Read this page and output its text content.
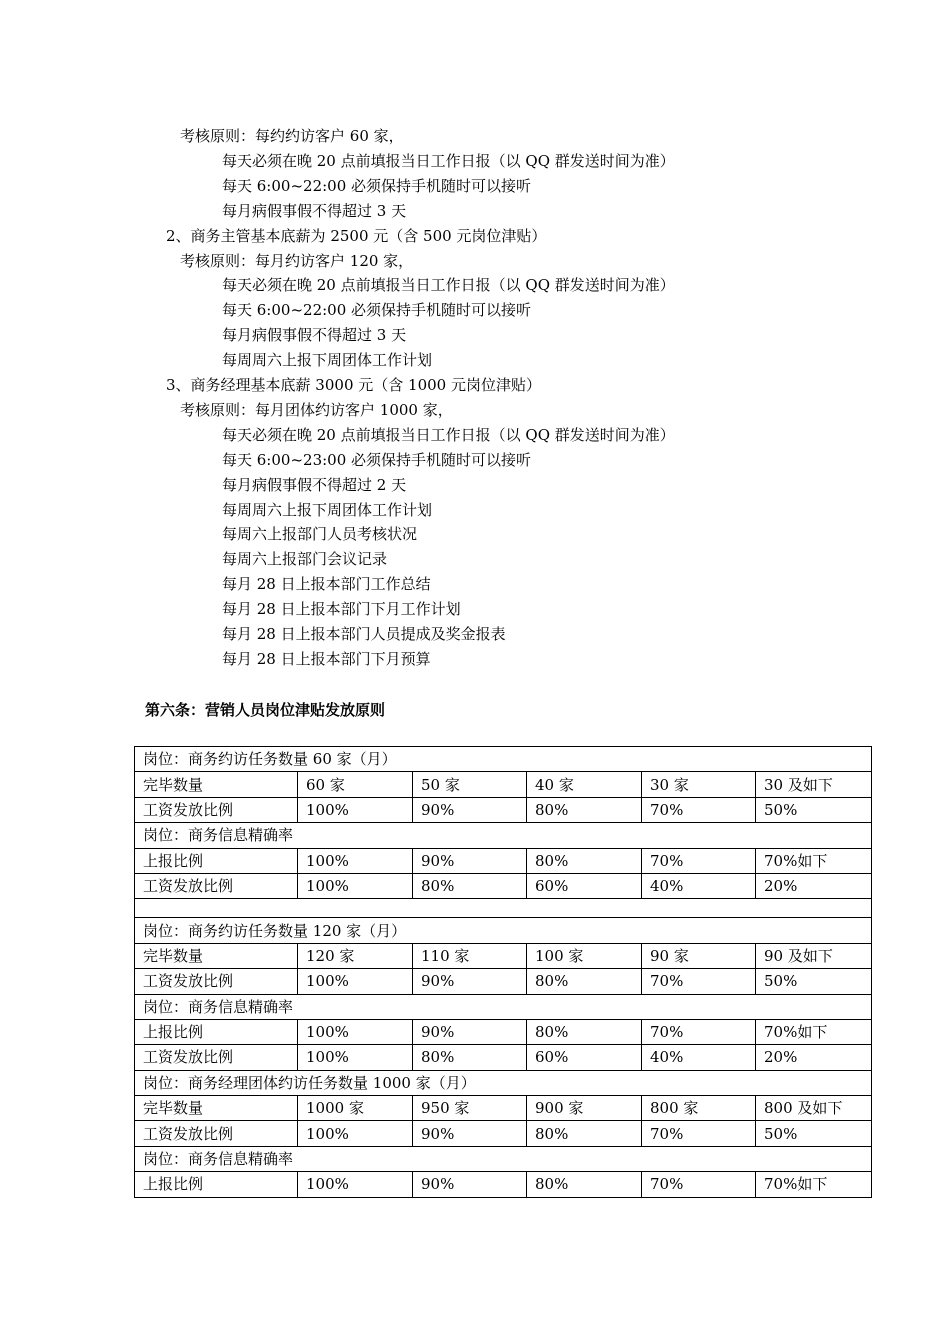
考核原则：每约约访客户 60 家，
每天必须在晚 20 点前填报当日工作日报（以 QQ 群发送时间为准）
每天 6:00~22:00 必须保持手机随时可以接听
每月病假事假不得超过 3 天
2、商务主管基本底薪为 2500 元（含 500 元岗位津贴）
考核原则：每月约访客户 120 家，
每天必须在晚 20 点前填报当日工作日报（以 QQ 群发送时间为准）
每天 6:00~22:00 必须保持手机随时可以接听
每月病假事假不得超过 3 天
每周周六上报下周团体工作计划
3、商务经理基本底薪 3000 元（含 1000 元岗位津贴）
考核原则：每月团体约访客户 1000 家，
每天必须在晚 20 点前填报当日工作日报（以 QQ 群发送时间为准）
每天 6:00~23:00 必须保持手机随时可以接听
每月病假事假不得超过 2 天
每周周六上报下周团体工作计划
每周六上报部门人员考核状况
每周六上报部门会议记录
每月 28 日上报本部门工作总结
每月 28 日上报本部门下月工作计划
每月 28 日上报本部门人员提成及奖金报表
每月 28 日上报本部门下月预算
第六条：营销人员岗位津贴发放原则
岗位：商务约访任务数量 60 家（月）					
完毕数量	60 家	50 家	40 家	30 家	30 及如下
工资发放比例	100%	90%	80%	70%	50%
岗位：商务信息精确率					
上报比例	100%	90%	80%	70%	70%如下
工资发放比例	100%	80%	60%	40%	20%

岗位：商务约访任务数量 120 家（月）					
完毕数量	120 家	110 家	100 家	90 家	90 及如下
工资发放比例	100%	90%	80%	70%	50%
岗位：商务信息精确率					
上报比例	100%	90%	80%	70%	70%如下
工资发放比例	100%	80%	60%	40%	20%
岗位：商务经理团体约访任务数量 1000 家（月）					
完毕数量	1000 家	950 家	900 家	800 家	800 及如下
工资发放比例	100%	90%	80%	70%	50%
岗位：商务信息精确率					
上报比例	100%	90%	80%	70%	70%如下
